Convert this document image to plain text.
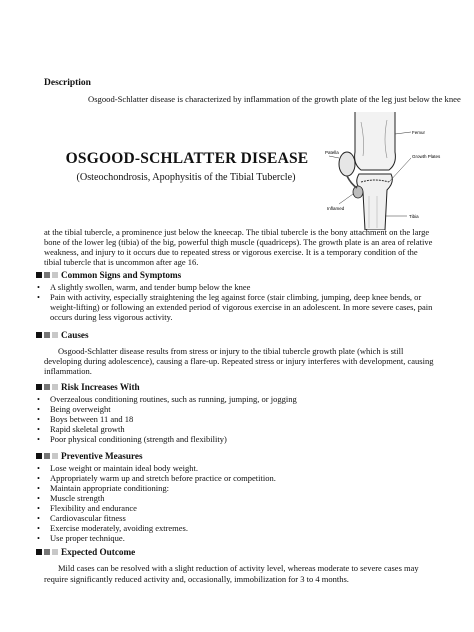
Description
Osgood-Schlatter disease is characterized by inflammation of the growth plate of the leg just below the knee
Femur
Patella
Growth Plates
Inflamed
Tibia
OSGOOD-SCHLATTER DISEASE
(Osteochondrosis, Apophysitis of the Tibial Tubercle)
at the tibial tubercle, a prominence just below the kneecap. The tibial tubercle is the bony attachment on the large bone of the lower leg (tibia) of the big, powerful thigh muscle (quadriceps). The growth plate is an area of relative weakness, and injury to it occurs due to repeated stress or vigorous exercise. It is a temporary condition of the tibial tubercle that is uncommon after age 16.
Common Signs and Symptoms
• A slightly swollen, warm, and tender bump below the knee
• Pain with activity, especially straightening the leg against force (stair climbing, jumping, deep knee bends, or weight-lifting) or following an extended period of vigorous exercise in an adolescent. In more severe cases, pain occurs during less vigorous activity.
Causes
Osgood-Schlatter disease results from stress or injury to the tibial tubercle growth plate (which is still
developing during adolescence), causing a flare-up. Repeated stress or injury interferes with development, causing inflammation.
Risk Increases With
• Overzealous conditioning routines, such as running, jumping, or jogging
• Being overweight
• Boys between 11 and 18
• Rapid skeletal growth
• Poor physical conditioning (strength and flexibility)
Preventive Measures
• Lose weight or maintain ideal body weight.
• Appropriately warm up and stretch before practice or competition.
• Maintain appropriate conditioning:
• Muscle strength
• Flexibility and endurance
• Cardiovascular fitness
• Exercise moderately, avoiding extremes.
• Use proper technique.
Expected Outcome
Mild cases can be resolved with a slight reduction of activity level, whereas moderate to severe cases may
require significantly reduced activity and, occasionally, immobilization for 3 to 4 months.
